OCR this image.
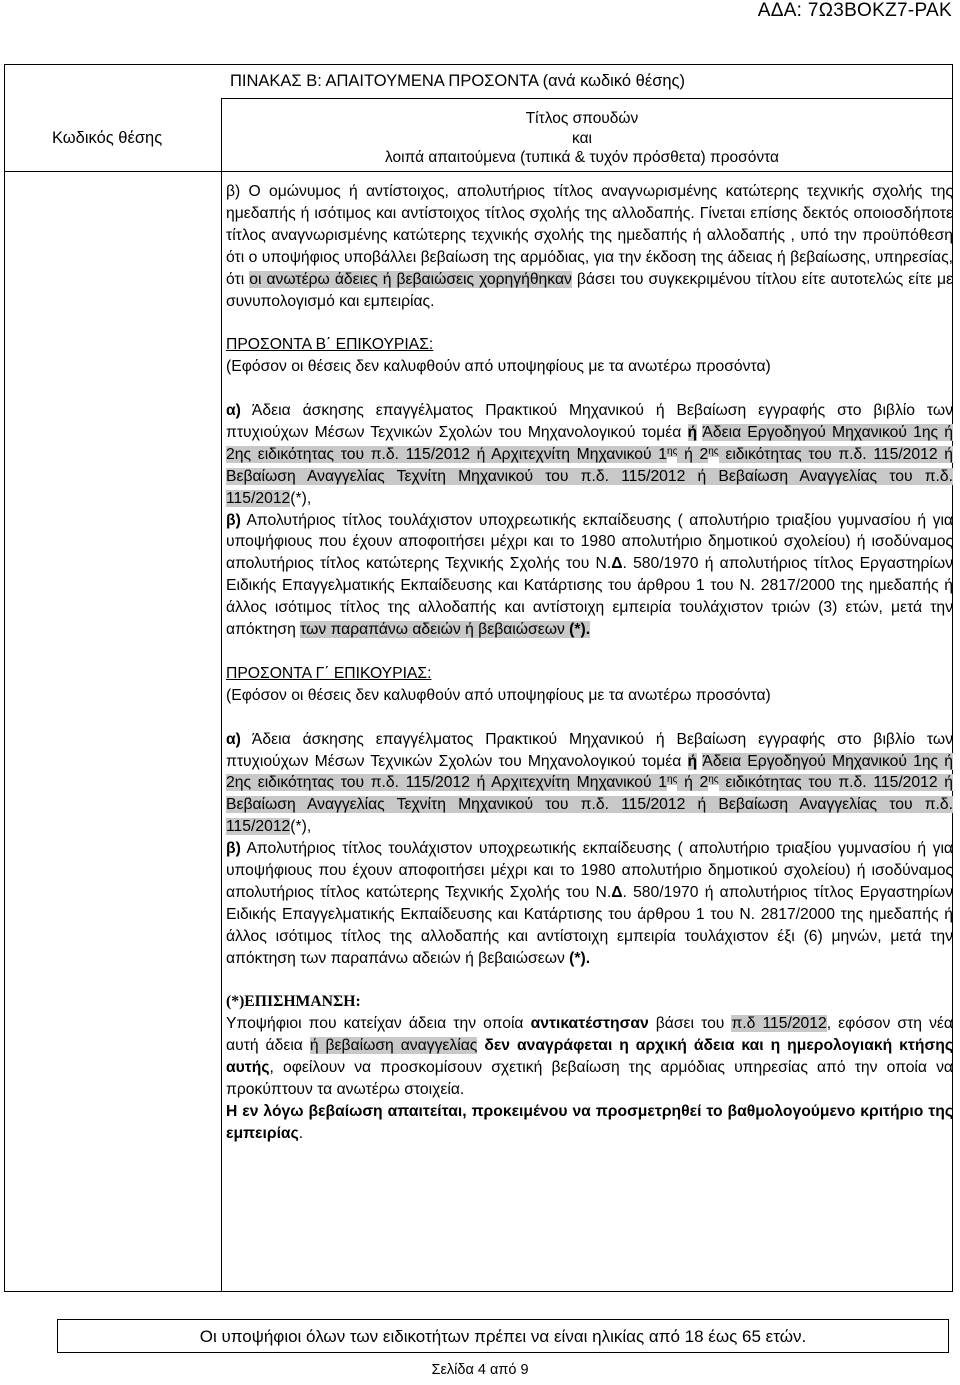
ΑΔΑ: 7Ω3ΒΟΚΖ7-ΡΑΚ
ΠΙΝΑΚΑΣ Β: ΑΠΑΙΤΟΥΜΕΝΑ ΠΡΟΣΟΝΤΑ (ανά κωδικό θέσης)
Κωδικός θέσης
Τίτλος σπουδών
και
λοιπά απαιτούμενα (τυπικά & τυχόν πρόσθετα) προσόντα

β) Ο ομώνυμος ή αντίστοιχος, απολυτήριος τίτλος αναγνωρισμένης κατώτερης τεχνικής σχολής της ημεδαπής ή ισότιμος και αντίστοιχος τίτλος σχολής της αλλοδαπής. Γίνεται επίσης δεκτός οποιοσδήποτε τίτλος αναγνωρισμένης κατώτερης τεχνικής σχολής της ημεδαπής ή αλλοδαπής , υπό την προϋπόθεση ότι ο υποψήφιος υποβάλλει βεβαίωση της αρμόδιας, για την έκδοση της άδειας ή βεβαίωσης, υπηρεσίας, ότι οι ανωτέρω άδειες ή βεβαιώσεις χορηγήθηκαν βάσει του συγκεκριμένου τίτλου είτε αυτοτελώς είτε με συνυπολογισμό και εμπειρίας.

ΠΡΟΣΟΝΤΑ Β΄ ΕΠΙΚΟΥΡΙΑΣ:

(Εφόσον οι θέσεις δεν καλυφθούν από υποψηφίους με τα ανωτέρω προσόντα)

α) Άδεια άσκησης επαγγέλματος Πρακτικού Μηχανικού ή Βεβαίωση εγγραφής στο βιβλίο των πτυχιούχων Μέσων Τεχνικών Σχολών του Μηχανολογικού τομέα ή Άδεια Εργοδηγού Μηχανικού 1ης ή 2ης ειδικότητας του π.δ. 115/2012 ή Αρχιτεχνίτη Μηχανικού $1^{\eta\varsigma}$ ή $2^{\eta\varsigma}$ ειδικότητας του π.δ. 115/2012 ή Βεβαίωση Αναγγελίας Τεχνίτη Μηχανικού του π.δ. 115/2012 ή Βεβαίωση Αναγγελίας του π.δ. 115/2012(*),

β) Απολυτήριος τίτλος τουλάχιστον υποχρεωτικής εκπαίδευσης ( απολυτήριο τριαξίου γυμνασίου ή για υποψήφιους που έχουν αποφοιτήσει μέχρι και το 1980 απολυτήριο δημοτικού σχολείου) ή ισοδύναμος απολυτήριος τίτλος κατώτερης Τεχνικής Σχολής του Ν.Δ. 580/1970 ή απολυτήριος τίτλος Εργαστηρίων Ειδικής Επαγγελματικής Εκπαίδευσης και Κατάρτισης του άρθρου 1 του Ν. 2817/2000 της ημεδαπής ή άλλος ισότιμος τίτλος της αλλοδαπής και αντίστοιχη εμπειρία τουλάχιστον τριών (3) ετών, μετά την απόκτηση των παραπάνω αδειών ή βεβαιώσεων (*).

ΠΡΟΣΟΝΤΑ Γ΄ ΕΠΙΚΟΥΡΙΑΣ:

(Εφόσον οι θέσεις δεν καλυφθούν από υποψηφίους με τα ανωτέρω προσόντα)

α) Άδεια άσκησης επαγγέλματος Πρακτικού Μηχανικού ή Βεβαίωση εγγραφής στο βιβλίο των πτυχιούχων Μέσων Τεχνικών Σχολών του Μηχανολογικού τομέα ή Άδεια Εργοδηγού Μηχανικού 1ης ή 2ης ειδικότητας του π.δ. 115/2012 ή Αρχιτεχνίτη Μηχανικού $1^{\eta\varsigma}$ ή $2^{\eta\varsigma}$ ειδικότητας του π.δ. 115/2012 ή Βεβαίωση Αναγγελίας Τεχνίτη Μηχανικού του π.δ. 115/2012 ή Βεβαίωση Αναγγελίας του π.δ. 115/2012(*),

β) Απολυτήριος τίτλος τουλάχιστον υποχρεωτικής εκπαίδευσης ( απολυτήριο τριαξίου γυμνασίου ή για υποψήφιους που έχουν αποφοιτήσει μέχρι και το 1980 απολυτήριο δημοτικού σχολείου) ή ισοδύναμος απολυτήριος τίτλος κατώτερης Τεχνικής Σχολής του Ν.Δ. 580/1970 ή απολυτήριος τίτλος Εργαστηρίων Ειδικής Επαγγελματικής Εκπαίδευσης και Κατάρτισης του άρθρου 1 του Ν. 2817/2000 της ημεδαπής ή άλλος ισότιμος τίτλος της αλλοδαπής και αντίστοιχη εμπειρία τουλάχιστον έξι (6) μηνών, μετά την απόκτηση των παραπάνω αδειών ή βεβαιώσεων (*).

(*)ΕΠΙΣΗΜΑΝΣΗ:

Υποψήφιοι που κατείχαν άδεια την οποία αντικατέστησαν βάσει του π.δ 115/2012, εφόσον στη νέα αυτή άδεια ή βεβαίωση αναγγελίας δεν αναγράφεται η αρχική άδεια και η ημερολογιακή κτήσης αυτής, οφείλουν να προσκομίσουν σχετική βεβαίωση της αρμόδιας υπηρεσίας από την οποία να προκύπτουν τα ανωτέρω στοιχεία.

Η εν λόγω βεβαίωση απαιτείται, προκειμένου να προσμετρηθεί το βαθμολογούμενο κριτήριο της εμπειρίας.

Οι υποψήφιοι όλων των ειδικοτήτων πρέπει να είναι ηλικίας από 18 έως 65 ετών.
Σελίδα 4 από 9
